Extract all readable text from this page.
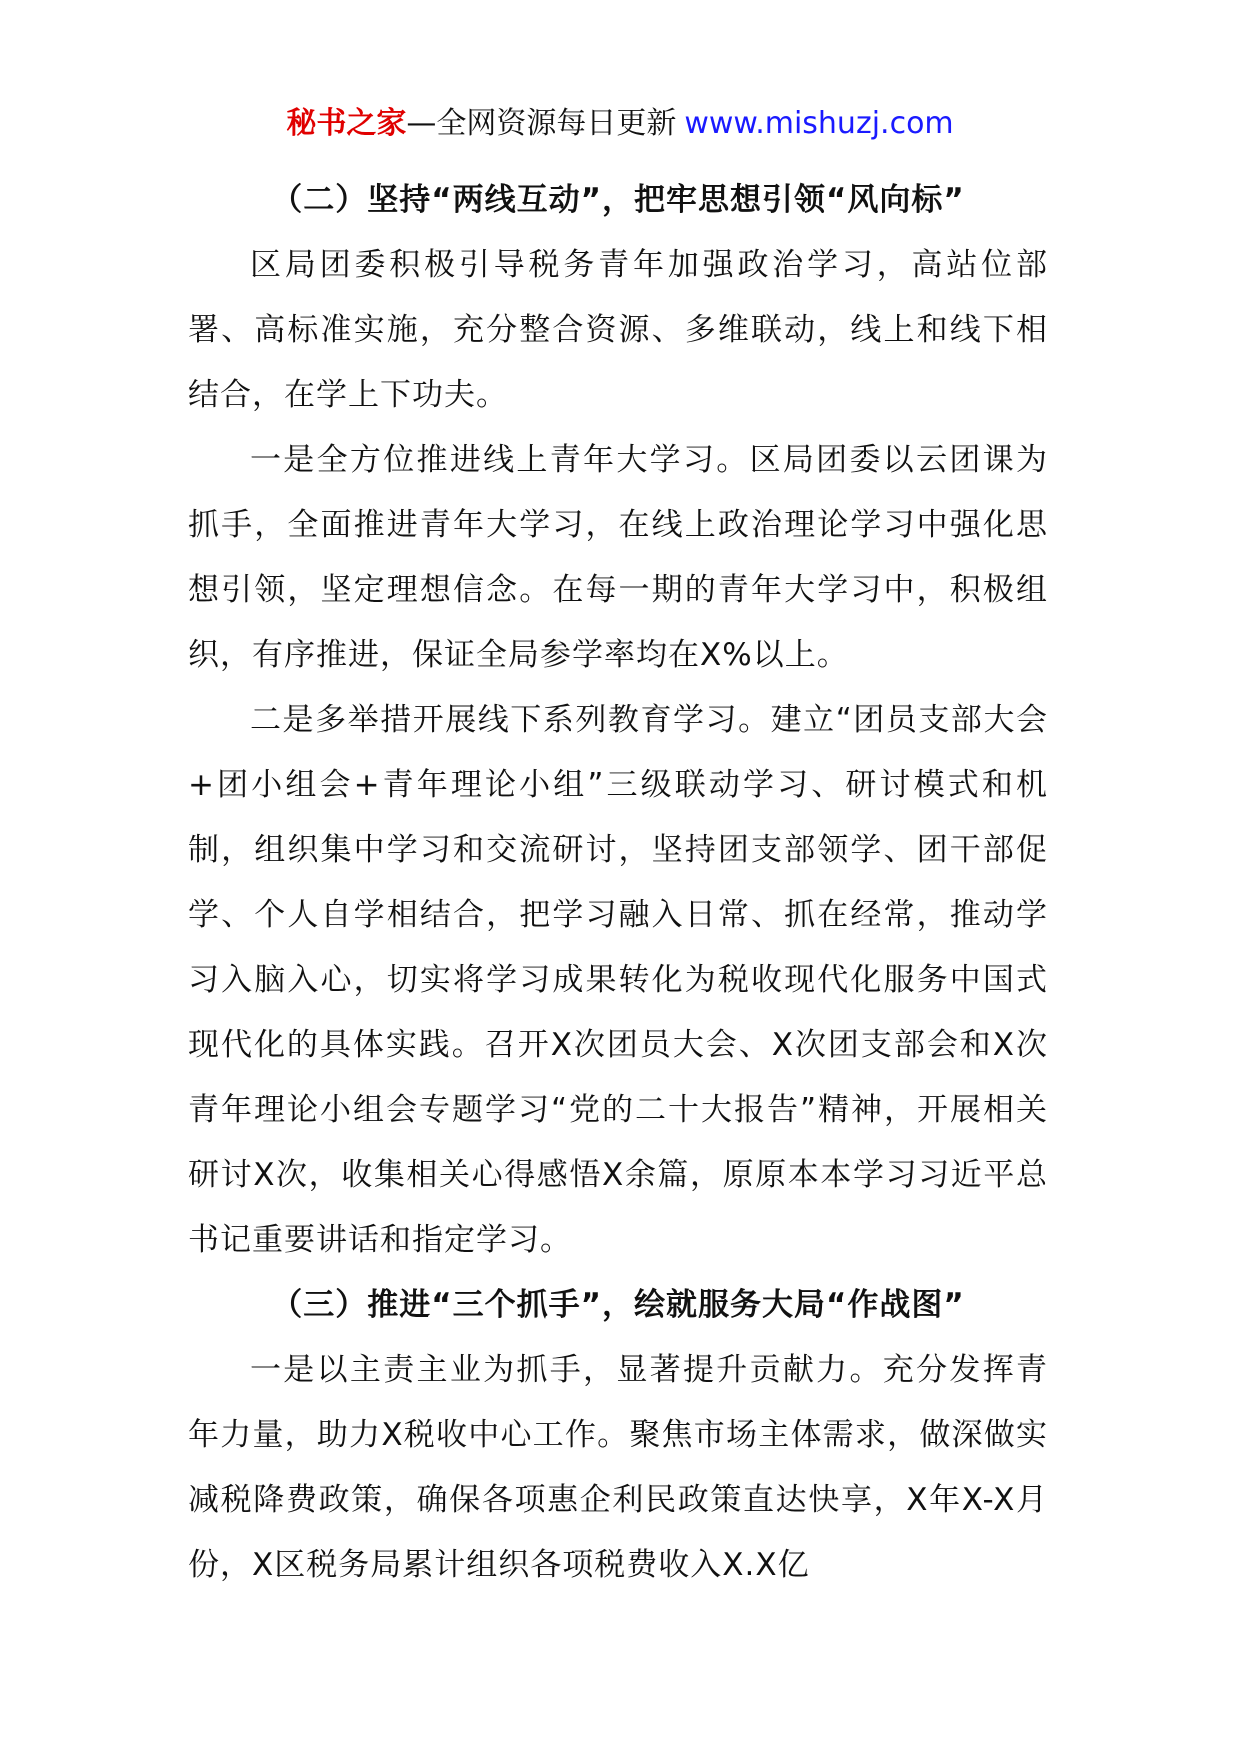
秘书之家—全网资源每日更新 www.mishuzj.com
（二）坚持“两线互动”，把牢思想引领“风向标”

区局团委积极引导税务青年加强政治学习，高站位部署、高标准实施，充分整合资源、多维联动，线上和线下相结合，在学上下功夫。

一是全方位推进线上青年大学习。区局团委以云团课为抓手，全面推进青年大学习，在线上政治理论学习中强化思想引领，坚定理想信念。在每一期的青年大学习中，积极组织，有序推进，保证全局参学率均在X%以上。

二是多举措开展线下系列教育学习。建立“团员支部大会+团小组会+青年理论小组”三级联动学习、研讨模式和机制，组织集中学习和交流研讨，坚持团支部领学、团干部促学、个人自学相结合，把学习融入日常、抓在经常，推动学习入脑入心，切实将学习成果转化为税收现代化服务中国式现代化的具体实践。召开X次团员大会、X次团支部会和X次青年理论小组会专题学习“党的二十大报告”精神，开展相关研讨X次，收集相关心得感悟X余篇，原原本本学习习近平总书记重要讲话和指定学习。

（三）推进“三个抓手”，绘就服务大局“作战图”

一是以主责主业为抓手，显著提升贡献力。充分发挥青年力量，助力X税收中心工作。聚焦市场主体需求，做深做实减税降费政策，确保各项惠企利民政策直达快享，X年X-X月份，X区税务局累计组织各项税费收入X.X亿
